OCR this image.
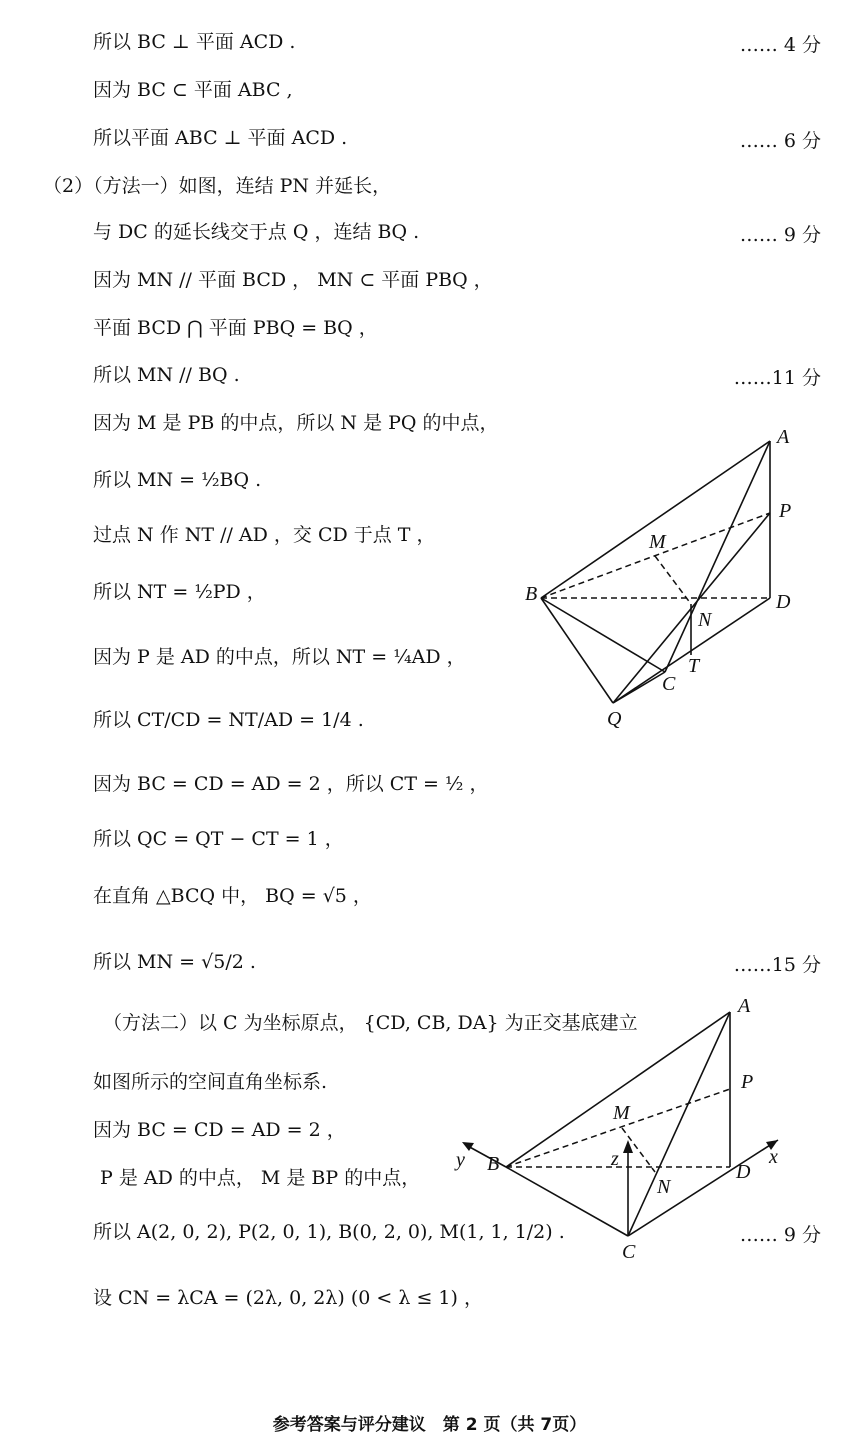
所以 BC ⊥ 平面 ACD .
因为 BC ⊂ 平面 ABC ,
所以平面 ABC ⊥ 平面 ACD .
（2）（方法一）如图，连结 PN 并延长，
与 DC 的延长线交于点 Q ，连结 BQ .
因为 MN // 平面 BCD ， MN ⊂ 平面 PBQ ，
平面 BCD ⋂ 平面 PBQ = BQ ，
所以 MN // BQ .
因为 M 是 PB 的中点，所以 N 是 PQ 的中点，
所以 MN = ½BQ .
过点 N 作 NT // AD ，交 CD 于点 T ，
所以 NT = ½PD ，
因为 P 是 AD 的中点，所以 NT = ¼AD ，
所以 CT/CD = NT/AD = 1/4 .
因为 BC = CD = AD = 2 ，所以 CT = ½ ，
所以 QC = QT − CT = 1 ，
在直角 △BCQ 中， BQ = √5 ，
所以 MN = √5/2 .
（方法二）以 C 为坐标原点， {CD, CB, DA} 为正交基底建立
如图所示的空间直角坐标系.
因为 BC = CD = AD = 2 ，
P 是 AD 的中点， M 是 BP 的中点，
所以 A(2, 0, 2), P(2, 0, 1), B(0, 2, 0), M(1, 1, 1/2) .
设 CN = λCA = (2λ, 0, 2λ) (0 < λ ≤ 1) ，
…… 4 分
…… 6 分
…… 9 分
……11 分
……15 分
…… 9 分
A
P
M
B
N
D
T
C
Q
A
P
M
y B	z
N
D
x
C
参考答案与评分建议　第 2 页（共 7页）
